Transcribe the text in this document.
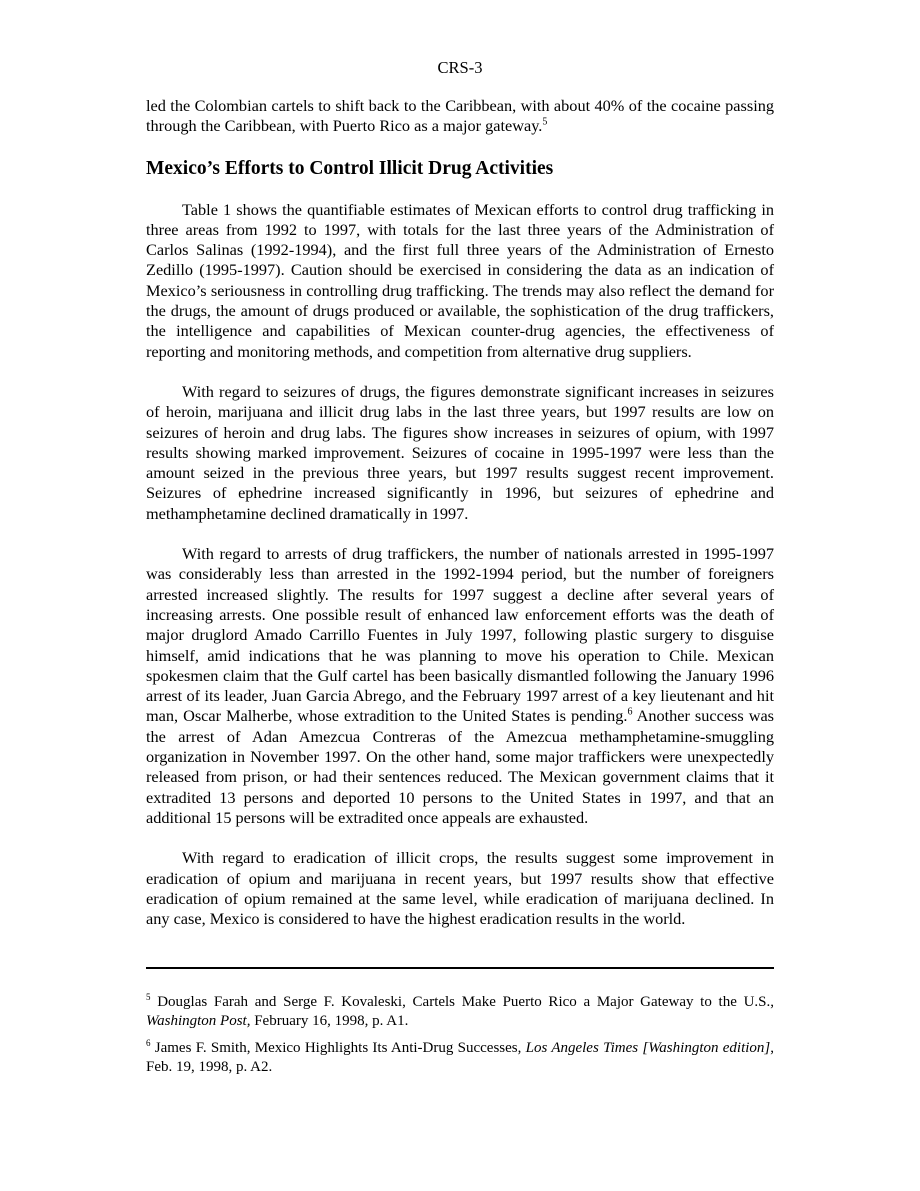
CRS-3

led the Colombian cartels to shift back to the Caribbean, with about 40% of the cocaine passing through the Caribbean, with Puerto Rico as a major gateway.$^5$

Mexico’s Efforts to Control Illicit Drug Activities

Table 1 shows the quantifiable estimates of Mexican efforts to control drug trafficking in three areas from 1992 to 1997, with totals for the last three years of the Administration of Carlos Salinas (1992-1994), and the first full three years of the Administration of Ernesto Zedillo (1995-1997). Caution should be exercised in considering the data as an indication of Mexico’s seriousness in controlling drug trafficking. The trends may also reflect the demand for the drugs, the amount of drugs produced or available, the sophistication of the drug traffickers, the intelligence and capabilities of Mexican counter-drug agencies, the effectiveness of reporting and monitoring methods, and competition from alternative drug suppliers.

With regard to seizures of drugs, the figures demonstrate significant increases in seizures of heroin, marijuana and illicit drug labs in the last three years, but 1997 results are low on seizures of heroin and drug labs. The figures show increases in seizures of opium, with 1997 results showing marked improvement. Seizures of cocaine in 1995-1997 were less than the amount seized in the previous three years, but 1997 results suggest recent improvement. Seizures of ephedrine increased significantly in 1996, but seizures of ephedrine and methamphetamine declined dramatically in 1997.

With regard to arrests of drug traffickers, the number of nationals arrested in 1995-1997 was considerably less than arrested in the 1992-1994 period, but the number of foreigners arrested increased slightly. The results for 1997 suggest a decline after several years of increasing arrests. One possible result of enhanced law enforcement efforts was the death of major druglord Amado Carrillo Fuentes in July 1997, following plastic surgery to disguise himself, amid indications that he was planning to move his operation to Chile. Mexican spokesmen claim that the Gulf cartel has been basically dismantled following the January 1996 arrest of its leader, Juan Garcia Abrego, and the February 1997 arrest of a key lieutenant and hit man, Oscar Malherbe, whose extradition to the United States is pending.$^6$ Another success was the arrest of Adan Amezcua Contreras of the Amezcua methamphetamine-smuggling organization in November 1997. On the other hand, some major traffickers were unexpectedly released from prison, or had their sentences reduced. The Mexican government claims that it extradited 13 persons and deported 10 persons to the United States in 1997, and that an additional 15 persons will be extradited once appeals are exhausted.

With regard to eradication of illicit crops, the results suggest some improvement in eradication of opium and marijuana in recent years, but 1997 results show that effective eradication of opium remained at the same level, while eradication of marijuana declined. In any case, Mexico is considered to have the highest eradication results in the world.

$^5$ Douglas Farah and Serge F. Kovaleski, Cartels Make Puerto Rico a Major Gateway to the U.S., Washington Post, February 16, 1998, p. A1.

$^6$ James F. Smith, Mexico Highlights Its Anti-Drug Successes, Los Angeles Times [Washington edition], Feb. 19, 1998, p. A2.
